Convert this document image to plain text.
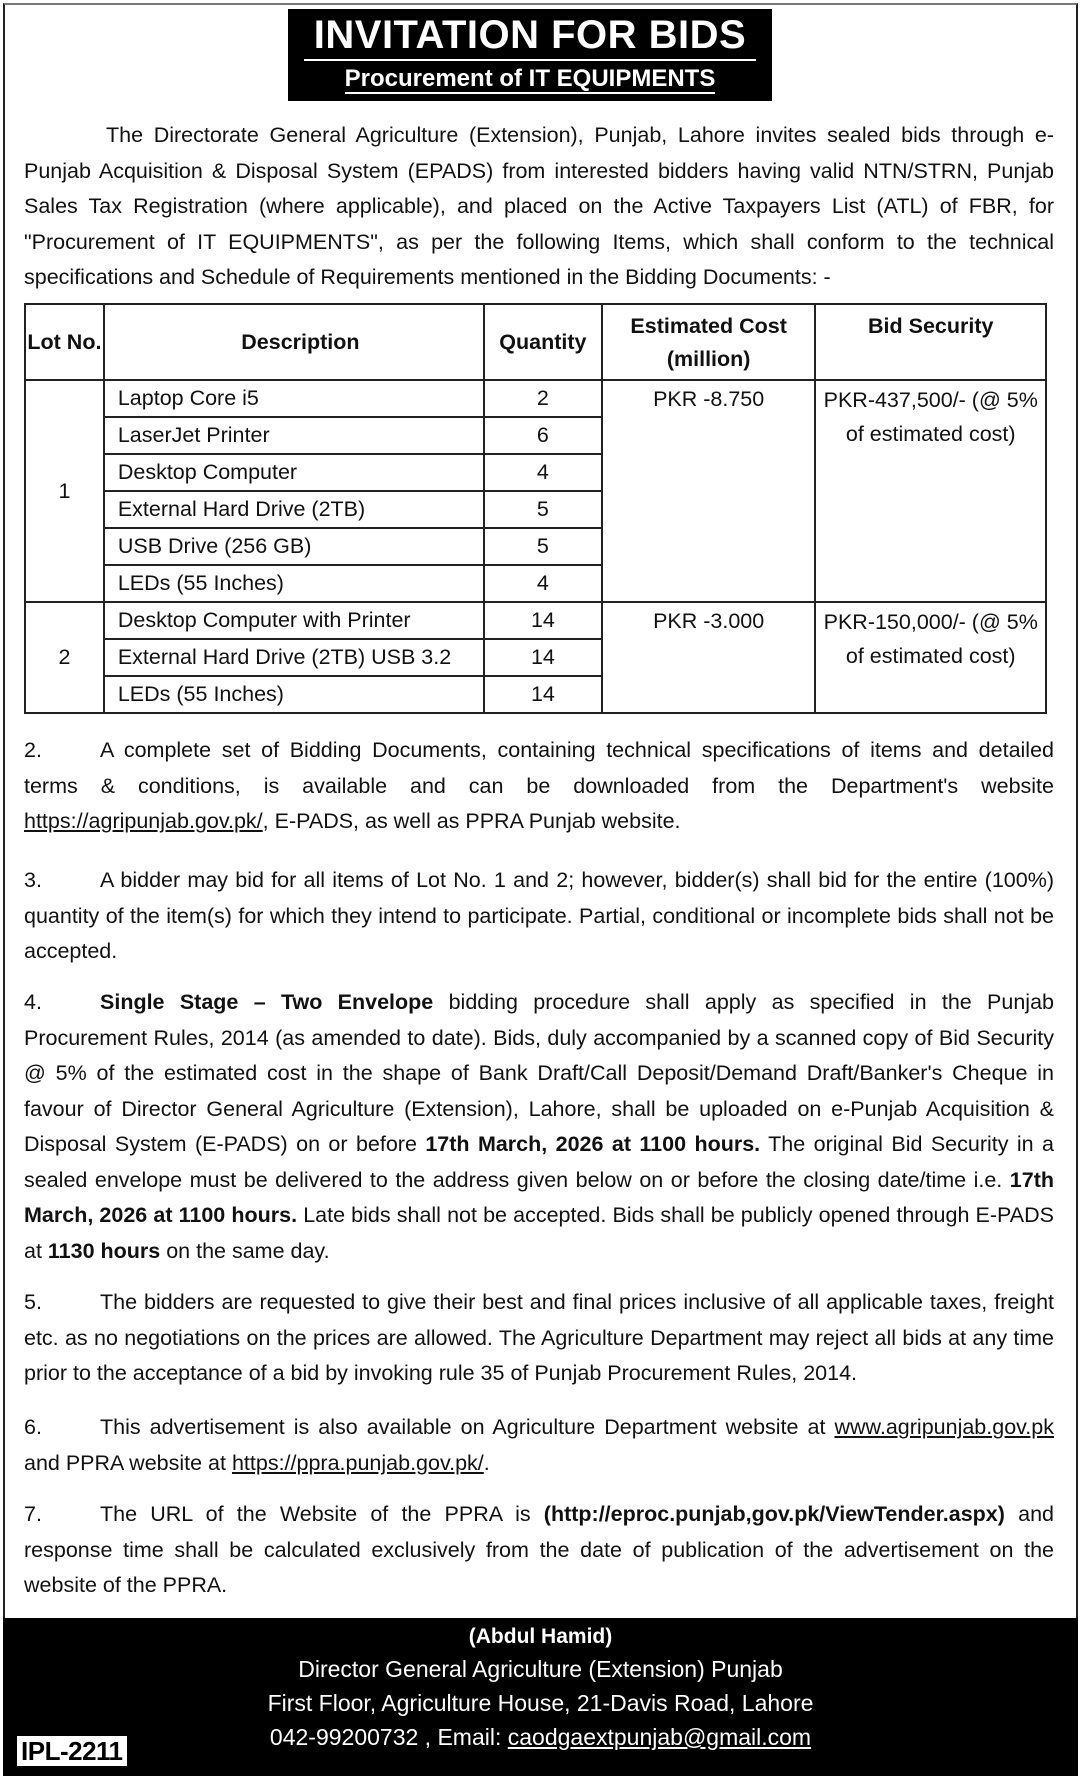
INVITATION FOR BIDS
Procurement of IT EQUIPMENTS
The Directorate General Agriculture (Extension), Punjab, Lahore invites sealed bids through e-Punjab Acquisition & Disposal System (EPADS) from interested bidders having valid NTN/STRN, Punjab Sales Tax Registration (where applicable), and placed on the Active Taxpayers List (ATL) of FBR, for "Procurement of IT EQUIPMENTS", as per the following Items, which shall conform to the technical specifications and Schedule of Requirements mentioned in the Bidding Documents: -
Lot No.	Description	Quantity	Estimated Cost (million)	Bid Security
1	Laptop Core i5	2	PKR -8.750	PKR-437,500/- (@ 5% of estimated cost)
	LaserJet Printer	6		
	Desktop Computer	4		
	External Hard Drive (2TB)	5		
	USB Drive (256 GB)	5		
	LEDs (55 Inches)	4		
2	Desktop Computer with Printer	14	PKR -3.000	PKR-150,000/- (@ 5% of estimated cost)
	External Hard Drive (2TB) USB 3.2	14		
	LEDs (55 Inches)	14		
2.	A complete set of Bidding Documents, containing technical specifications of items and detailed terms & conditions, is available and can be downloaded from the Department's website https://agripunjab.gov.pk/, E-PADS, as well as PPRA Punjab website.
3.	A bidder may bid for all items of Lot No. 1 and 2; however, bidder(s) shall bid for the entire (100%) quantity of the item(s) for which they intend to participate. Partial, conditional or incomplete bids shall not be accepted.
4.	Single Stage – Two Envelope bidding procedure shall apply as specified in the Punjab Procurement Rules, 2014 (as amended to date). Bids, duly accompanied by a scanned copy of Bid Security @ 5% of the estimated cost in the shape of Bank Draft/Call Deposit/Demand Draft/Banker's Cheque in favour of Director General Agriculture (Extension), Lahore, shall be uploaded on e-Punjab Acquisition & Disposal System (E-PADS) on or before 17th March, 2026 at 1100 hours. The original Bid Security in a sealed envelope must be delivered to the address given below on or before the closing date/time i.e. 17th March, 2026 at 1100 hours. Late bids shall not be accepted. Bids shall be publicly opened through E-PADS at 1130 hours on the same day.
5.	The bidders are requested to give their best and final prices inclusive of all applicable taxes, freight etc. as no negotiations on the prices are allowed. The Agriculture Department may reject all bids at any time prior to the acceptance of a bid by invoking rule 35 of Punjab Procurement Rules, 2014.
6.	This advertisement is also available on Agriculture Department website at www.agripunjab.gov.pk and PPRA website at https://ppra.punjab.gov.pk/.
7.	The URL of the Website of the PPRA is (http://eproc.punjab,gov.pk/ViewTender.aspx) and response time shall be calculated exclusively from the date of publication of the advertisement on the website of the PPRA.
(Abdul Hamid)
Director General Agriculture (Extension) Punjab
First Floor, Agriculture House, 21-Davis Road, Lahore
042-99200732 , Email: caodgaextpunjab@gmail.com
IPL-2211
